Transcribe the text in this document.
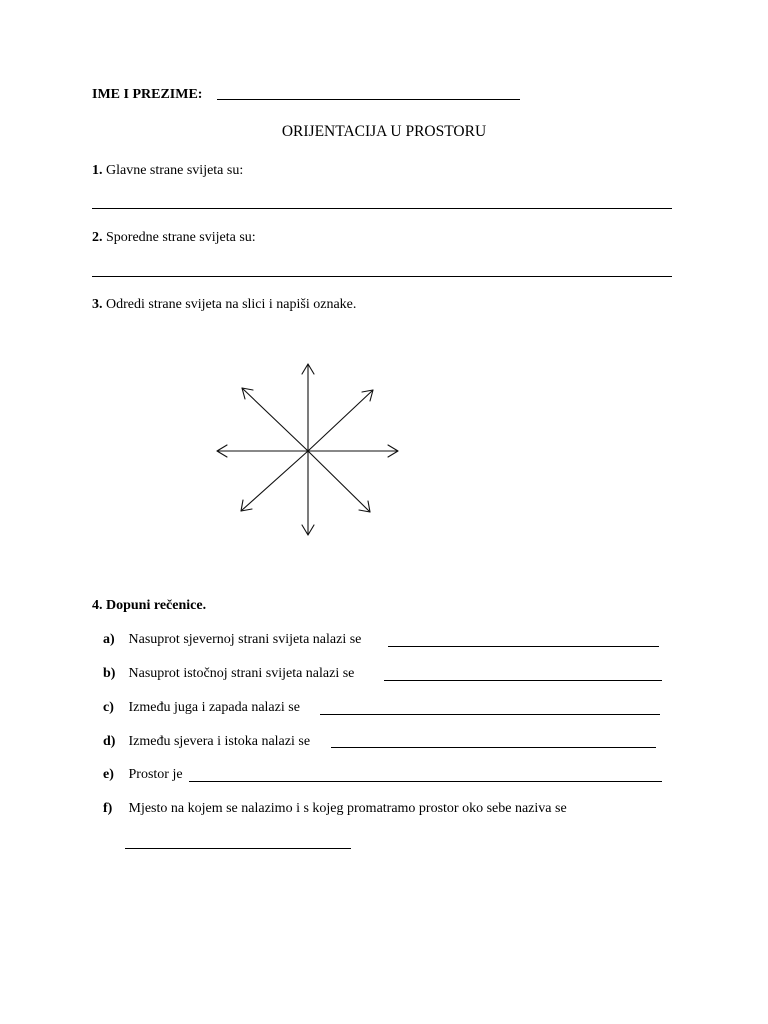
IME I PREZIME:
ORIJENTACIJA U PROSTORU
1. Glavne strane svijeta su:
2. Sporedne strane svijeta su:
3. Odredi strane svijeta na slici i napiši oznake.
4. Dopuni rečenice.
a) Nasuprot sjevernoj strani svijeta nalazi se
b) Nasuprot istočnoj strani svijeta nalazi se
c) Između juga i zapada nalazi se
d) Između sjevera i istoka nalazi se
e) Prostor je
f) Mjesto na kojem se nalazimo i s kojeg promatramo prostor oko sebe naziva se
